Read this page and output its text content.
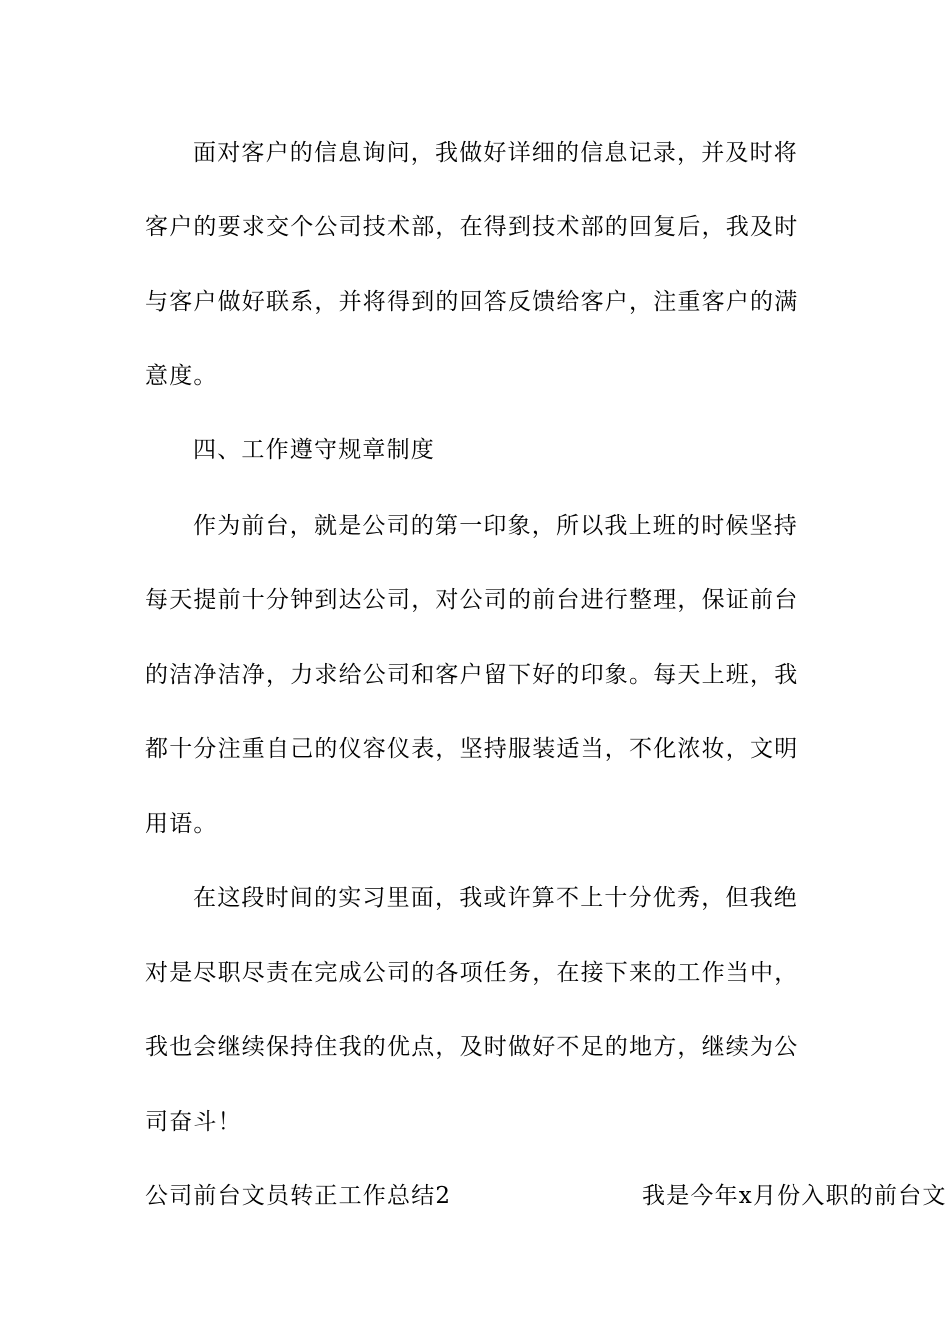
面对客户的信息询问，我做好详细的信息记录，并及时将
客户的要求交个公司技术部，在得到技术部的回复后，我及时
与客户做好联系，并将得到的回答反馈给客户，注重客户的满
意度。
四、工作遵守规章制度
作为前台，就是公司的第一印象，所以我上班的时候坚持
每天提前十分钟到达公司，对公司的前台进行整理，保证前台
的洁净洁净，力求给公司和客户留下好的印象。每天上班，我
都十分注重自己的仪容仪表，坚持服装适当，不化浓妆，文明
用语。
在这段时间的实习里面，我或许算不上十分优秀，但我绝
对是尽职尽责在完成公司的各项任务，在接下来的工作当中，
我也会继续保持住我的优点，及时做好不足的地方，继续为公
司奋斗！
公司前台文员转正工作总结2	我是今年x月份入职的前台文
